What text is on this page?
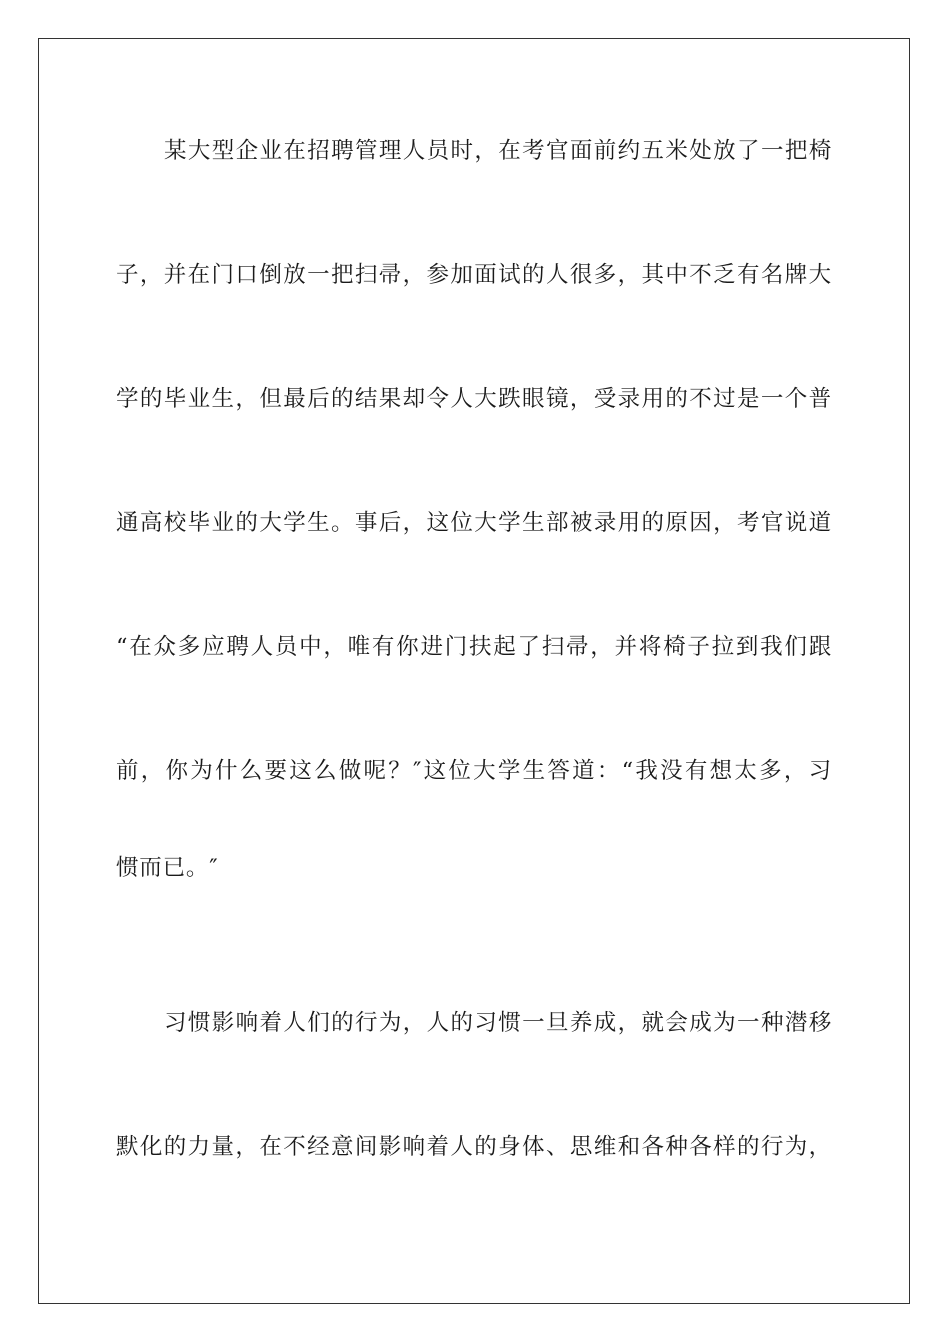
某大型企业在招聘管理人员时，在考官面前约五米处放了一把椅
子，并在门口倒放一把扫帚，参加面试的人很多，其中不乏有名牌大
学的毕业生，但最后的结果却令人大跌眼镜，受录用的不过是一个普
通高校毕业的大学生。事后，这位大学生部被录用的原因，考官说道
“在众多应聘人员中，唯有你进门扶起了扫帚，并将椅子拉到我们跟
前，你为什么要这么做呢？″这位大学生答道：“我没有想太多，习
惯而已。″
习惯影响着人们的行为，人的习惯一旦养成，就会成为一种潜移
默化的力量，在不经意间影响着人的身体、思维和各种各样的行为，
